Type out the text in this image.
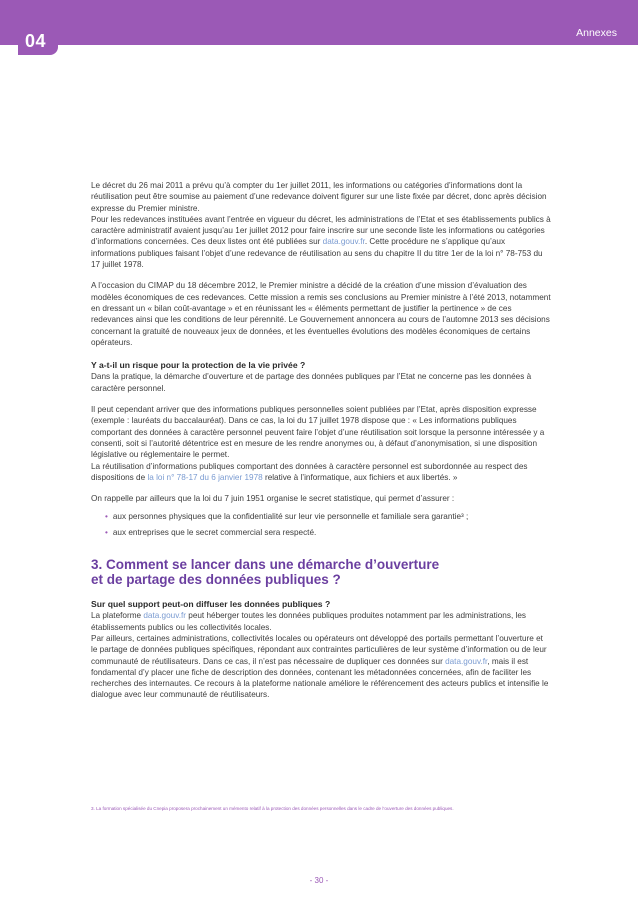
Annexes
04

Le décret du 26 mai 2011 a prévu qu’à compter du 1er juillet 2011, les informations ou catégories d’informations dont la réutilisation peut être soumise au paiement d’une redevance doivent figurer sur une liste fixée par décret, donc après décision expresse du Premier ministre.

Pour les redevances instituées avant l’entrée en vigueur du décret, les administrations de l’Etat et ses établissements publics à caractère administratif avaient jusqu’au 1er juillet 2012 pour faire inscrire sur une seconde liste les informations ou catégories d’informations concernées. Ces deux listes ont été publiées sur data.gouv.fr. Cette procédure ne s’applique qu’aux informations publiques faisant l’objet d’une redevance de réutilisation au sens du chapitre II du titre 1er de la loi n° 78-753 du 17 juillet 1978.

A l’occasion du CIMAP du 18 décembre 2012, le Premier ministre a décidé de la création d’une mission d’évaluation des modèles économiques de ces redevances. Cette mission a remis ses conclusions au Premier ministre à l’été 2013, notamment en dressant un « bilan coût-avantage » et en réunissant les « éléments permettant de justifier la pertinence » de ces redevances ainsi que les conditions de leur pérennité. Le Gouvernement annoncera au cours de l’automne 2013 ses décisions concernant la gratuité de nouveaux jeux de données, et les éventuelles évolutions des modèles économiques de certains opérateurs.

Y a-t-il un risque pour la protection de la vie privée ?

Dans la pratique, la démarche d’ouverture et de partage des données publiques par l’Etat ne concerne pas les données à caractère personnel.

Il peut cependant arriver que des informations publiques personnelles soient publiées par l’Etat, après disposition expresse (exemple : lauréats du baccalauréat). Dans ce cas, la loi du 17 juillet 1978 dispose que : « Les informations publiques comportant des données à caractère personnel peuvent faire l’objet d’une réutilisation soit lorsque la personne intéressée y a consenti, soit si l’autorité détentrice est en mesure de les rendre anonymes ou, à défaut d’anonymisation, si une disposition législative ou réglementaire le permet.

La réutilisation d’informations publiques comportant des données à caractère personnel est subordonnée au respect des dispositions de la loi n° 78-17 du 6 janvier 1978 relative à l’informatique, aux fichiers et aux libertés. »

On rappelle par ailleurs que la loi du 7 juin 1951 organise le secret statistique, qui permet d’assurer :

• aux personnes physiques que la confidentialité sur leur vie personnelle et familiale sera garantie³ ;
• aux entreprises que le secret commercial sera respecté.

3. Comment se lancer dans une démarche d’ouverture
et de partage des données publiques ?

Sur quel support peut-on diffuser les données publiques ?

La plateforme data.gouv.fr peut héberger toutes les données publiques produites notamment par les administrations, les établissements publics ou les collectivités locales.

Par ailleurs, certaines administrations, collectivités locales ou opérateurs ont développé des portails permettant l’ouverture et le partage de données publiques spécifiques, répondant aux contraintes particulières de leur système d’information ou de leur communauté de réutilisateurs. Dans ce cas, il n’est pas nécessaire de dupliquer ces données sur data.gouv.fr, mais il est fondamental d’y placer une fiche de description des données, contenant les métadonnées concernées, afin de faciliter les recherches des internautes. Ce recours à la plateforme nationale améliore le référencement des acteurs publics et intensifie le dialogue avec leur communauté de réutilisateurs.

3. La formation spécialisée du Cnepia proposera prochainement un mémento relatif à la protection des données personnelles dans le cadre de l’ouverture des données publiques.
- 30 -
